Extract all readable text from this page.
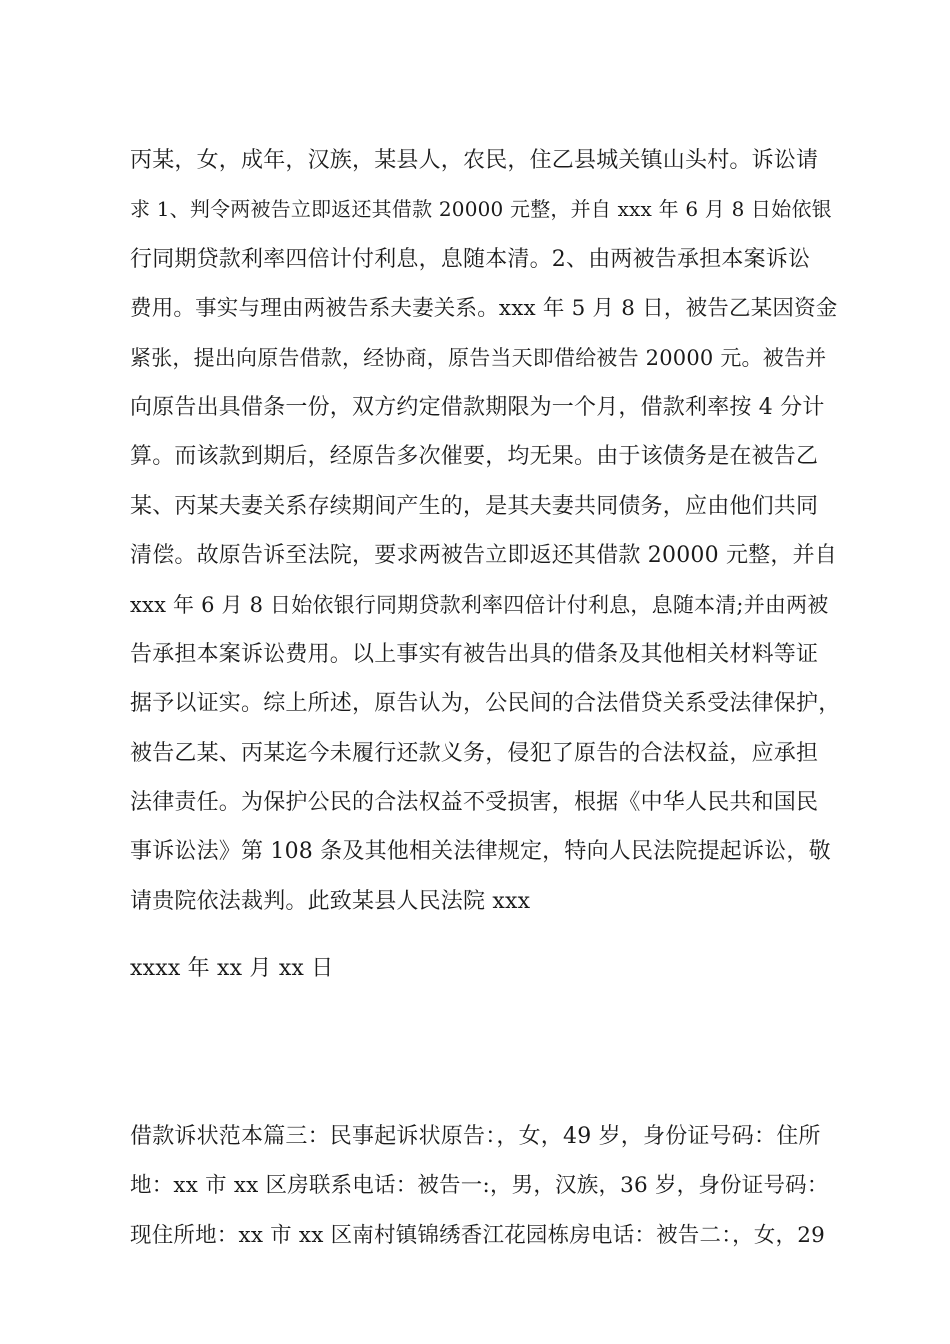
丙某，女，成年，汉族，某县人，农民，住乙县城关镇山头村。诉讼请
求 1、判令两被告立即返还其借款 20000 元整，并自 xxx 年 6 月 8 日始依银
行同期贷款利率四倍计付利息，息随本清。2、由两被告承担本案诉讼
费用。事实与理由两被告系夫妻关系。xxx 年 5 月 8 日，被告乙某因资金
紧张，提出向原告借款，经协商，原告当天即借给被告 20000 元。被告并
向原告出具借条一份，双方约定借款期限为一个月，借款利率按 4 分计
算。而该款到期后，经原告多次催要，均无果。由于该债务是在被告乙
某、丙某夫妻关系存续期间产生的，是其夫妻共同债务，应由他们共同
清偿。故原告诉至法院，要求两被告立即返还其借款 20000 元整，并自
xxx 年 6 月 8 日始依银行同期贷款利率四倍计付利息，息随本清;并由两被
告承担本案诉讼费用。以上事实有被告出具的借条及其他相关材料等证
据予以证实。综上所述，原告认为，公民间的合法借贷关系受法律保护，
被告乙某、丙某迄今未履行还款义务，侵犯了原告的合法权益，应承担
法律责任。为保护公民的合法权益不受损害，根据《中华人民共和国民
事诉讼法》第 108 条及其他相关法律规定，特向人民法院提起诉讼，敬
请贵院依法裁判。此致某县人民法院 xxx
xxxx 年 xx 月 xx 日
借款诉状范本篇三：民事起诉状原告：，女，49 岁，身份证号码：住所
地：xx 市 xx 区房联系电话：被告一:，男，汉族，36 岁，身份证号码：
现住所地：xx 市 xx 区南村镇锦绣香江花园栋房电话：被告二：，女，29
